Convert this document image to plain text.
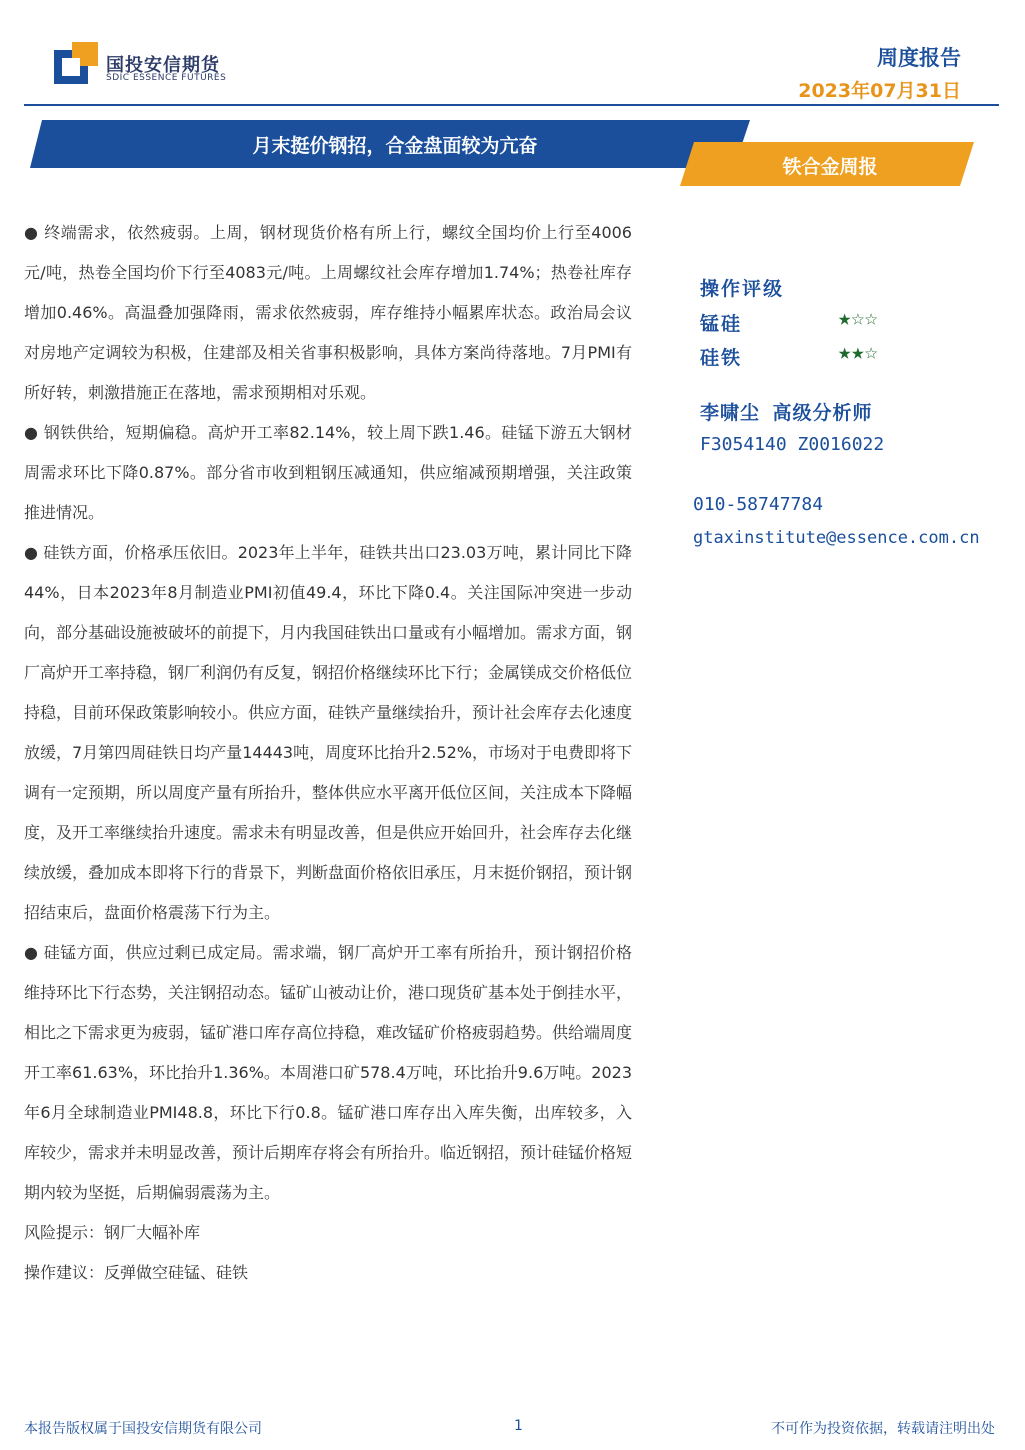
国投安信期货
SDIC ESSENCE FUTURES
周度报告
2023年07月31日
月末挺价钢招，合金盘面较为亢奋
铁合金周报

● 终端需求，依然疲弱。上周，钢材现货价格有所上行，螺纹全国均价上行至4006元/吨，热卷全国均价下行至4083元/吨。上周螺纹社会库存增加1.74%；热卷社库存增加0.46%。高温叠加强降雨，需求依然疲弱，库存维持小幅累库状态。政治局会议对房地产定调较为积极，住建部及相关省事积极影响，具体方案尚待落地。7月PMI有所好转，刺激措施正在落地，需求预期相对乐观。

● 钢铁供给，短期偏稳。高炉开工率82.14%，较上周下跌1.46。硅锰下游五大钢材周需求环比下降0.87%。部分省市收到粗钢压减通知，供应缩减预期增强，关注政策推进情况。

● 硅铁方面，价格承压依旧。2023年上半年，硅铁共出口23.03万吨，累计同比下降44%，日本2023年8月制造业PMI初值49.4，环比下降0.4。关注国际冲突进一步动向，部分基础设施被破坏的前提下，月内我国硅铁出口量或有小幅增加。需求方面，钢厂高炉开工率持稳，钢厂利润仍有反复，钢招价格继续环比下行；金属镁成交价格低位持稳，目前环保政策影响较小。供应方面，硅铁产量继续抬升，预计社会库存去化速度放缓，7月第四周硅铁日均产量14443吨，周度环比抬升2.52%，市场对于电费即将下调有一定预期，所以周度产量有所抬升，整体供应水平离开低位区间，关注成本下降幅度，及开工率继续抬升速度。需求未有明显改善，但是供应开始回升，社会库存去化继续放缓，叠加成本即将下行的背景下，判断盘面价格依旧承压，月末挺价钢招，预计钢招结束后，盘面价格震荡下行为主。

● 硅锰方面，供应过剩已成定局。需求端，钢厂高炉开工率有所抬升，预计钢招价格维持环比下行态势，关注钢招动态。锰矿山被动让价，港口现货矿基本处于倒挂水平，相比之下需求更为疲弱，锰矿港口库存高位持稳，难改锰矿价格疲弱趋势。供给端周度开工率61.63%，环比抬升1.36%。本周港口矿578.4万吨，环比抬升9.6万吨。2023年6月全球制造业PMI48.8，环比下行0.8。锰矿港口库存出入库失衡，出库较多，入库较少，需求并未明显改善，预计后期库存将会有所抬升。临近钢招，预计硅锰价格短期内较为坚挺，后期偏弱震荡为主。

风险提示：钢厂大幅补库

操作建议：反弹做空硅锰、硅铁

操作评级
锰硅	★☆☆
硅铁	★★☆
李啸尘 高级分析师
F3054140 Z0016022
010-58747784
gtaxinstitute@essence.com.cn
本报告版权属于国投安信期货有限公司	1	不可作为投资依据，转载请注明出处
